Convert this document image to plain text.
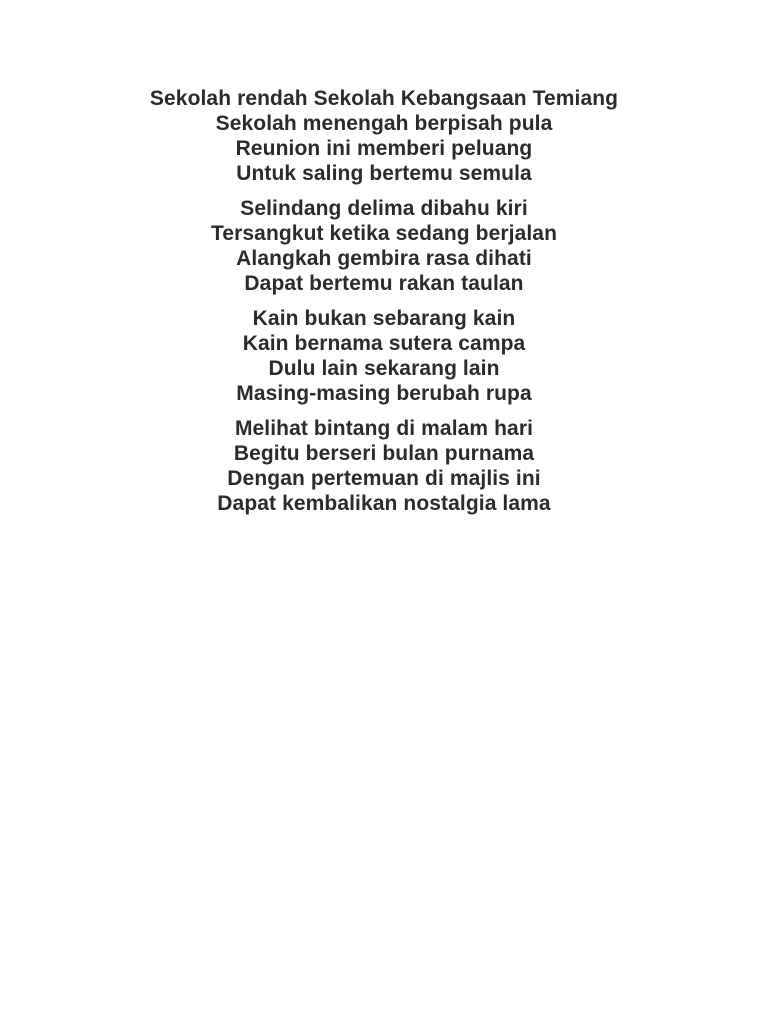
Sekolah rendah Sekolah Kebangsaan Temiang
Sekolah menengah berpisah pula
Reunion ini memberi peluang
Untuk saling bertemu semula
Selindang delima dibahu kiri
Tersangkut ketika sedang berjalan
Alangkah gembira rasa dihati
Dapat bertemu rakan taulan
Kain bukan sebarang kain
Kain bernama sutera campa
Dulu lain sekarang lain
Masing-masing berubah rupa
Melihat bintang di malam hari
Begitu berseri bulan purnama
Dengan pertemuan di majlis ini
Dapat kembalikan nostalgia lama
